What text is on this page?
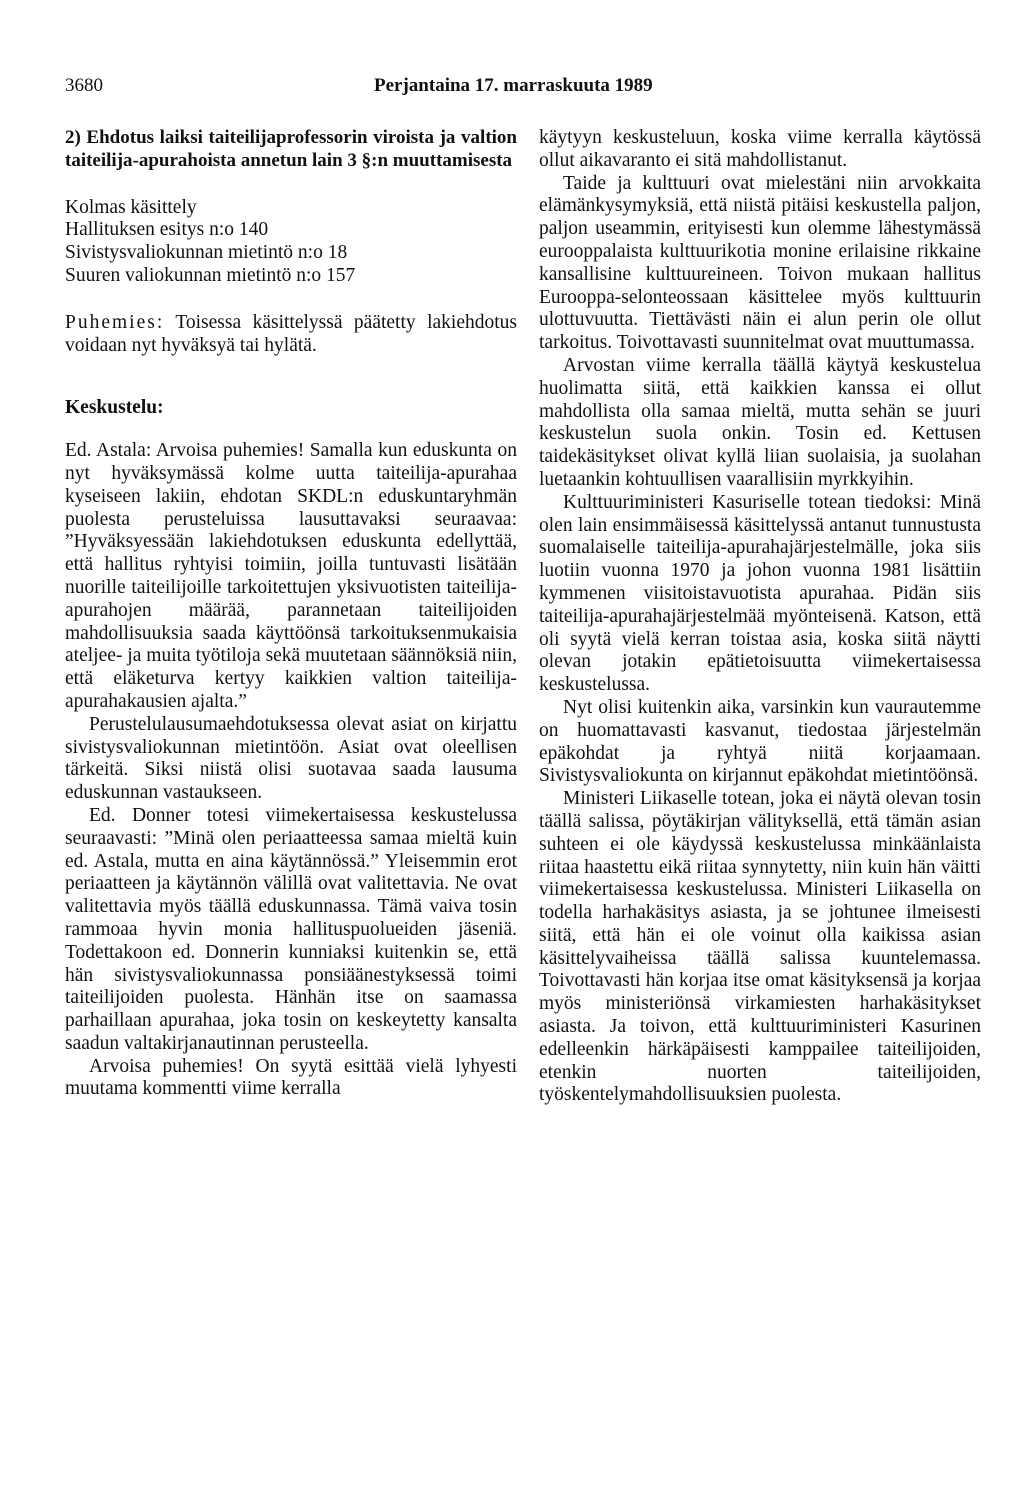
3680	Perjantaina 17. marraskuuta 1989

2) Ehdotus laiksi taiteilijaprofessorin viroista ja valtion taiteilija-apurahoista annetun lain 3 §:n muuttamisesta

Kolmas käsittely

Hallituksen esitys n:o 140

Sivistysvaliokunnan mietintö n:o 18

Suuren valiokunnan mietintö n:o 157

Puhemies: Toisessa käsittelyssä päätetty lakiehdotus voidaan nyt hyväksyä tai hylätä.

Keskustelu:

Ed. Astala: Arvoisa puhemies! Samalla kun eduskunta on nyt hyväksymässä kolme uutta taiteilija-apurahaa kyseiseen lakiin, ehdotan SKDL:n eduskuntaryhmän puolesta perusteluissa lausuttavaksi seuraavaa: ”Hyväksyessään lakiehdotuksen eduskunta edellyttää, että hallitus ryhtyisi toimiin, joilla tuntuvasti lisätään nuorille taiteilijoille tarkoitettujen yksivuotisten taiteilija-apurahojen määrää, parannetaan taiteilijoiden mahdollisuuksia saada käyttöönsä tarkoituksenmukaisia ateljee- ja muita työtiloja sekä muutetaan säännöksiä niin, että eläketurva kertyy kaikkien valtion taiteilija-apurahakausien ajalta.”

Perustelulausumaehdotuksessa olevat asiat on kirjattu sivistysvaliokunnan mietintöön. Asiat ovat oleellisen tärkeitä. Siksi niistä olisi suotavaa saada lausuma eduskunnan vastaukseen.

Ed. Donner totesi viimekertaisessa keskustelussa seuraavasti: ”Minä olen periaatteessa samaa mieltä kuin ed. Astala, mutta en aina käytännössä.” Yleisemmin erot periaatteen ja käytännön välillä ovat valitettavia. Ne ovat valitettavia myös täällä eduskunnassa. Tämä vaiva tosin rammoaa hyvin monia hallituspuolueiden jäseniä. Todettakoon ed. Donnerin kunniaksi kuitenkin se, että hän sivistysvaliokunnassa ponsiäänestyksessä toimi taiteilijoiden puolesta. Hänhän itse on saamassa parhaillaan apurahaa, joka tosin on keskeytetty kansalta saadun valtakirjanautinnan perusteella.

Arvoisa puhemies! On syytä esittää vielä lyhyesti muutama kommentti viime kerralla

käytyyn keskusteluun, koska viime kerralla käytössä ollut aikavaranto ei sitä mahdollistanut.

Taide ja kulttuuri ovat mielestäni niin arvokkaita elämänkysymyksiä, että niistä pitäisi keskustella paljon, paljon useammin, erityisesti kun olemme lähestymässä eurooppalaista kulttuurikotia monine erilaisine rikkaine kansallisine kulttuureineen. Toivon mukaan hallitus Eurooppa-selonteossaan käsittelee myös kulttuurin ulottuvuutta. Tiettävästi näin ei alun perin ole ollut tarkoitus. Toivottavasti suunnitelmat ovat muuttumassa.

Arvostan viime kerralla täällä käytyä keskustelua huolimatta siitä, että kaikkien kanssa ei ollut mahdollista olla samaa mieltä, mutta sehän se juuri keskustelun suola onkin. Tosin ed. Kettusen taidekäsitykset olivat kyllä liian suolaisia, ja suolahan luetaankin kohtuullisen vaarallisiin myrkkyihin.

Kulttuuriministeri Kasuriselle totean tiedoksi: Minä olen lain ensimmäisessä käsittelyssä antanut tunnustusta suomalaiselle taiteilija-apurahajärjestelmälle, joka siis luotiin vuonna 1970 ja johon vuonna 1981 lisättiin kymmenen viisitoistavuotista apurahaa. Pidän siis taiteilija-apurahajärjestelmää myönteisenä. Katson, että oli syytä vielä kerran toistaa asia, koska siitä näytti olevan jotakin epätietoisuutta viimekertaisessa keskustelussa.

Nyt olisi kuitenkin aika, varsinkin kun vaurautemme on huomattavasti kasvanut, tiedostaa järjestelmän epäkohdat ja ryhtyä niitä korjaamaan. Sivistysvaliokunta on kirjannut epäkohdat mietintöönsä.

Ministeri Liikaselle totean, joka ei näytä olevan tosin täällä salissa, pöytäkirjan välityksellä, että tämän asian suhteen ei ole käydyssä keskustelussa minkäänlaista riitaa haastettu eikä riitaa synnytetty, niin kuin hän väitti viimekertaisessa keskustelussa. Ministeri Liikasella on todella harhakäsitys asiasta, ja se johtunee ilmeisesti siitä, että hän ei ole voinut olla kaikissa asian käsittelyvaiheissa täällä salissa kuuntelemassa. Toivottavasti hän korjaa itse omat käsityksensä ja korjaa myös ministeriönsä virkamiesten harhakäsitykset asiasta. Ja toivon, että kulttuuriministeri Kasurinen edelleenkin härkäpäisesti kamppailee taiteilijoiden, etenkin nuorten taiteilijoiden, työskentelymahdollisuuksien puolesta.
